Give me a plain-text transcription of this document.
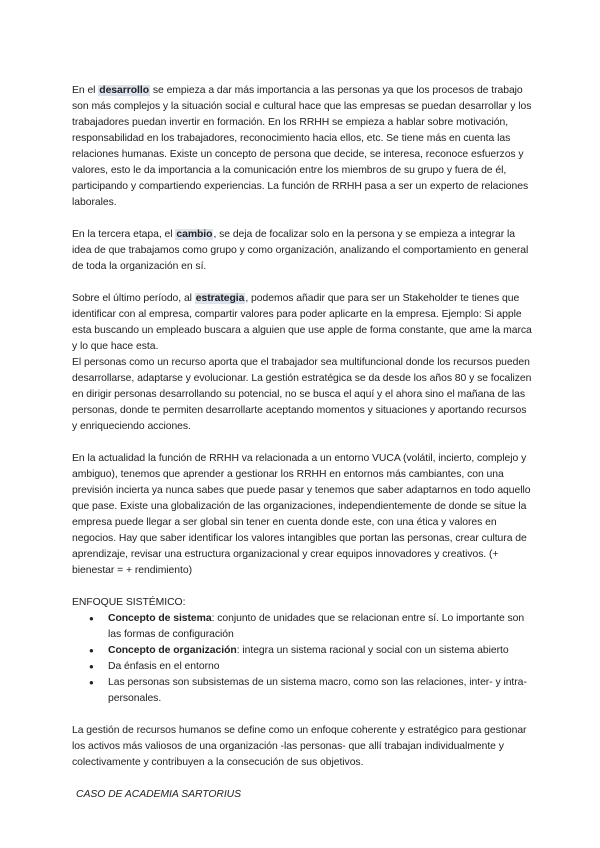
En el desarrollo se empieza a dar más importancia a las personas ya que los procesos de trabajo son más complejos y la situación social e cultural hace que las empresas se puedan desarrollar y los trabajadores puedan invertir en formación. En los RRHH se empieza a hablar sobre motivación, responsabilidad en los trabajadores, reconocimiento hacia ellos, etc. Se tiene más en cuenta las relaciones humanas. Existe un concepto de persona que decide, se interesa, reconoce esfuerzos y valores, esto le da importancia a la comunicación entre los miembros de su grupo y fuera de él, participando y compartiendo experiencias. La función de RRHH pasa a ser un experto de relaciones laborales.

En la tercera etapa, el cambio, se deja de focalizar solo en la persona y se empieza a integrar la idea de que trabajamos como grupo y como organización, analizando el comportamiento en general de toda la organización en sí.

Sobre el último período, al estrategia, podemos añadir que para ser un Stakeholder te tienes que identificar con al empresa, compartir valores para poder aplicarte en la empresa. Ejemplo: Si apple esta buscando un empleado buscara a alguien que use apple de forma constante, que ame la marca y lo que hace esta.

El personas como un recurso aporta que el trabajador sea multifuncional donde los recursos pueden desarrollarse, adaptarse y evolucionar. La gestión estratégica se da desde los años 80 y se focalizen en dirigir personas desarrollando su potencial, no se busca el aquí y el ahora sino el mañana de las personas, donde te permiten desarrollarte aceptando momentos y situaciones y aportando recursos y enriqueciendo acciones.

En la actualidad la función de RRHH va relacionada a un entorno VUCA (volátil, incierto, complejo y ambiguo), tenemos que aprender a gestionar los RRHH en entornos más cambiantes, con una previsión incierta ya nunca sabes que puede pasar y tenemos que saber adaptarnos en todo aquello que pase. Existe una globalización de las organizaciones, independientemente de donde se situe la empresa puede llegar a ser global sin tener en cuenta donde este, con una ética y valores en negocios. Hay que saber identificar los valores intangibles que portan las personas, crear cultura de aprendizaje, revisar una estructura organizacional y crear equipos innovadores y creativos. (+ bienestar = + rendimiento)

ENFOQUE SISTÉMICO:

● Concepto de sistema: conjunto de unidades que se relacionan entre sí. Lo importante son las formas de configuración
● Concepto de organización: integra un sistema racional y social con un sistema abierto
● Da énfasis en el entorno
● Las personas son subsistemas de un sistema macro, como son las relaciones, inter- y intra- personales.

La gestión de recursos humanos se define como un enfoque coherente y estratégico para gestionar los activos más valiosos de una organización -las personas- que allí trabajan individualmente y colectivamente y contribuyen a la consecución de sus objetivos.

CASO DE ACADEMIA SARTORIUS
